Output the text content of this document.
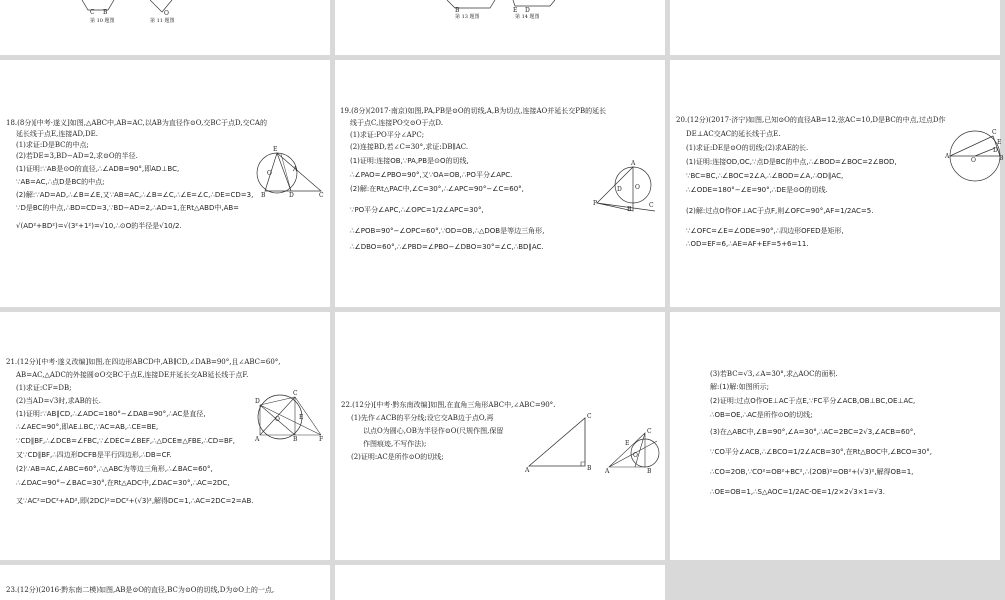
C B	O
第 10 题图	第 11 题图
B	E D
第 13 题图	第 14 题图
18.(8分)[中考·遂义]如图,△ABC中,AB=AC,以AB为直径作⊙O,交BC于点D,交CA的
延长线于点E,连接AD,DE.
(1)求证:D是BC的中点;
(2)若DE=3,BD−AD=2,求⊙O的半径.
(1)证明:∵AB是⊙O的直径,∴∠ADB=90°,即AD⊥BC,
∵AB=AC,∴点D是BC的中点;
(2)解:∵AD=AD,∴∠B=∠E,又∵AB=AC,∴∠B=∠C,∴∠E=∠C,∴DE=CD=3,
∵D是BC的中点,∴BD=CD=3,∵BD−AD=2,∴AD=1,在Rt△ABD中,AB=
√(AD²+BD²)=√(3²+1²)=√10,∴⊙O的半径是√10/2.
E
B	D	C
O
A
19.(8分)(2017·南京)如图,PA,PB是⊙O的切线,A,B为切点,连接AO并延长交PB的延长
线于点C,连接PO交⊙O于点D.
(1)求证:PO平分∠APC;
(2)连接BD,若∠C=30°,求证:DB∥AC.
(1)证明:连接OB,∵PA,PB是⊙O的切线,
∴∠PAO=∠PBO=90°,又∵OA=OB,∴PO平分∠APC.
(2)解:在Rt△PAC中,∠C=30°,∴∠APC=90°−∠C=60°,
∵PO平分∠APC,∴∠OPC=1/2∠APC=30°,
∴∠POB=90°−∠OPC=60°,∵OD=OB,∴△DOB是等边三角形,
∴∠DBO=60°,∴∠PBD=∠PBO−∠DBO=30°=∠C,∴BD∥AC.
A
P
O
C
B
D
20.(12分)(2017·济宁)如图,已知⊙O的直径AB=12,弦AC=10,D是BC的中点,过点D作
DE⊥AC交AC的延长线于点E.
(1)求证:DE是⊙O的切线;(2)求AE的长.
(1)证明:连接OD,OC,∵点D是BC的中点,∴∠BOD=∠BOC=2∠BOD,
∵BC=BC,∴∠BOC=2∠A,∴∠BOD=∠A,∴OD∥AC,
∴∠ODE=180°−∠E=90°,∴DE是⊙O的切线.
(2)解:过点O作OF⊥AC于点F,则∠OFC=90°,AF=1/2AC=5.
∵∠OFC=∠E=∠ODE=90°,∴四边形OFED是矩形,
∴OD=EF=6,∴AE=AF+EF=5+6=11.
A	B
C
E
O
D
21.(12分)[中考·遂义改编]如图,在四边形ABCD中,AB∥CD,∠DAB=90°,且∠ABC=60°,
AB=AC,△ADC的外接圆⊙O交BC于点E,连接DE并延长交AB延长线于点F.
(1)求证:CF=DB;
(2)当AD=√3时,求AB的长.
(1)证明:∵AB∥CD,∴∠ADC=180°−∠DAB=90°,∴AC是直径,
∴∠AEC=90°,即AE⊥BC,∵AC=AB,∴CE=BE,
∵CD∥BF,∴∠DCB=∠FBC,∵∠DEC=∠BEF,∴△DCE≌△FBE,∴CD=BF,
又∵CD∥BF,∴四边形DCFB是平行四边形,∴DB=CF.
(2)∵AB=AC,∠ABC=60°,∴△ABC为等边三角形,∴∠BAC=60°,
∴∠DAC=90°−∠BAC=30°,在Rt△ADC中,∠DAC=30°,∴AC=2DC,
又∵AC²=DC²+AD²,即(2DC)²=DC²+(√3)²,解得DC=1,∴AC=2DC=2=AB.
D
C
A	B	F
E
O
22.(12分)[中考·黔东南改编]如图,在直角三角形ABC中,∠ABC=90°.
(1)先作∠ACB的平分线;设它交AB边于点O,再
以点O为圆心,OB为半径作⊙O(尺规作图,保留
作图痕迹,不写作法);
(2)证明:AC是所作⊙O的切线;
A
C
B A
C
B
O
E
(3)若BC=√3,∠A=30°,求△AOC的面积.
解:(1)解:如图所示;
(2)证明:过点O作OE⊥AC于点E,∵FC平分∠ACB,OB⊥BC,OE⊥AC,
∴OB=OE,∴AC是所作⊙O的切线;
(3)在△ABC中,∠B=90°,∠A=30°,∴AC=2BC=2√3,∠ACB=60°,
∵CO平分∠ACB,∴∠BCO=1/2∠ACB=30°,在Rt△BOC中,∠BCO=30°,
∴CO=2OB,∵CO²=OB²+BC²,∴(2OB)²=OB²+(√3)²,解得OB=1,
∴OE=OB=1,∴S△AOC=1/2AC·OE=1/2×2√3×1=√3.
23.(12分)(2016·黔东南二模)如图,AB是⊙O的直径,BC为⊙O的切线,D为⊙O上的一点,
